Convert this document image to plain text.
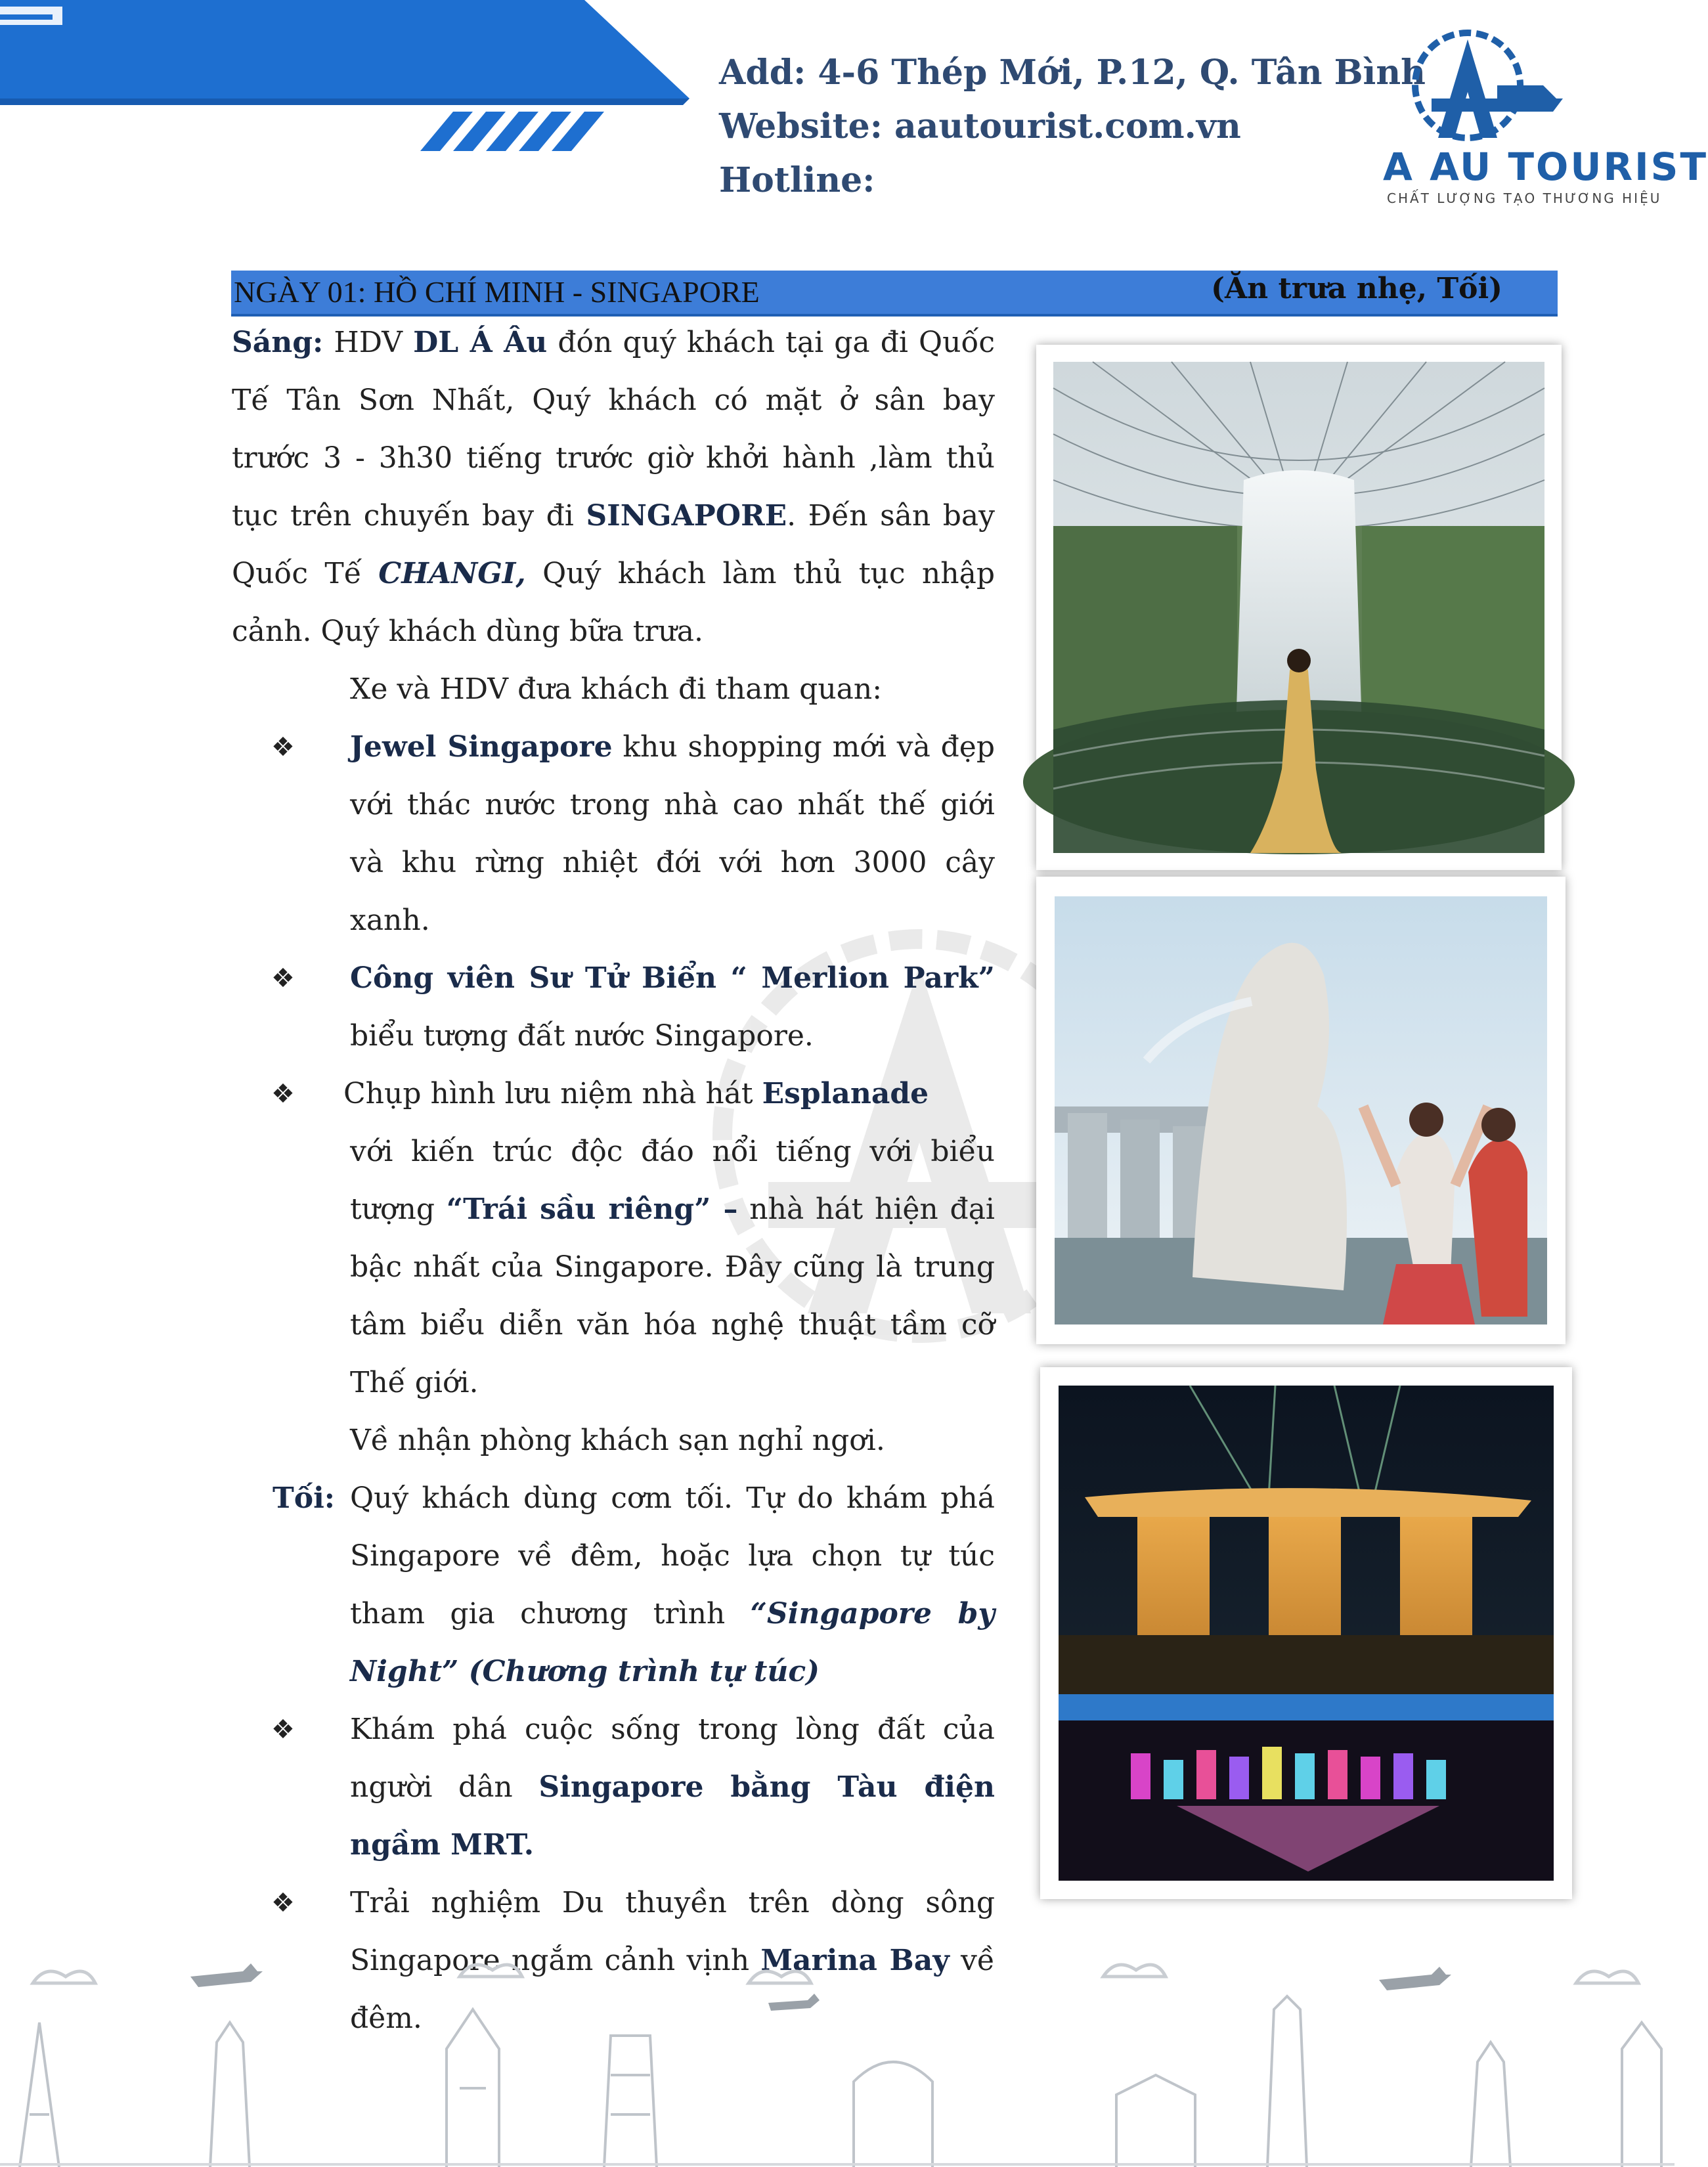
Add: 4-6 Thép Mới, P.12, Q. Tân Bình
Website: aautourist.com.vn
Hotline:	A AU TOURIST
CHẤT LƯỢNG TẠO THƯƠNG HIỆU
NGÀY 01: HỒ CHÍ MINH - SINGAPORE	(Ăn trưa nhẹ, Tối)
Sáng: HDV DL Á Âu đón quý khách tại ga đi Quốc Tế Tân Sơn Nhất, Quý khách có mặt ở sân bay trước 3 - 3h30 tiếng trước giờ khởi hành ,làm thủ tục trên chuyến bay đi SINGAPORE. Đến sân bay Quốc Tế CHANGI, Quý khách làm thủ tục nhập cảnh. Quý khách dùng bữa trưa.
Xe và HDV đưa khách đi tham quan:
❖ Jewel Singapore khu shopping mới và đẹp với thác nước trong nhà cao nhất thế giới và khu rừng nhiệt đới với hơn 3000 cây xanh.
❖ Công viên Sư Tử Biển “ Merlion Park” biểu tượng đất nước Singapore.
❖ Chụp hình lưu niệm nhà hát Esplanade
với kiến trúc độc đáo nổi tiếng với biểu tượng “Trái sầu riêng” – nhà hát hiện đại bậc nhất của Singapore. Đây cũng là trung tâm biểu diễn văn hóa nghệ thuật tầm cỡ Thế giới.
Về nhận phòng khách sạn nghỉ ngơi.
Tối: Quý khách dùng cơm tối. Tự do khám phá Singapore về đêm, hoặc lựa chọn tự túc tham gia chương trình “Singapore by Night” (Chương trình tự túc)
❖ Khám phá cuộc sống trong lòng đất của người dân Singapore bằng Tàu điện ngầm MRT.
❖ Trải nghiệm Du thuyền trên dòng sông Singapore ngắm cảnh vịnh Marina Bay về đêm.
